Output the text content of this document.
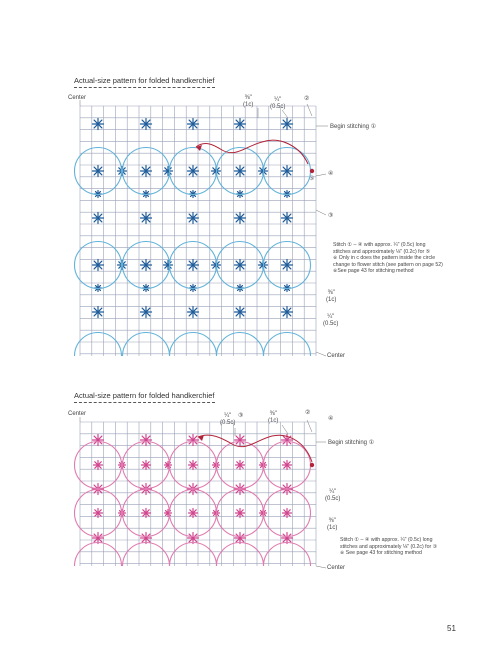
Actual-size pattern for folded handkerchief
Center	⅜"
(1c)
¼"
(0.5c)
②
Begin stitching ①
④
⑤
③
Stitch ① – ④ with approx. ¼" (0.5c) long
stitches and approximately ⅛" (0.2c) for ⑤
※ Only in c does the pattern inside the circle
change to flower stitch (see pattern on page 52)
※See page 43 for stitching method
⅜"
(1c)
¼"
(0.5c)
Center
Actual-size pattern for folded handkerchief
Center	¼"
(0.5c)
③	⅜"
(1c)
②
④
Begin stitching ①
¼"
(0.5c)
⅜"
(1c)
Stitch ① – ④ with approx. ¼" (0.5c) long
stitches and approximately ⅛" (0.2c) for ③
※ See page 43 for stitching method
Center
51
